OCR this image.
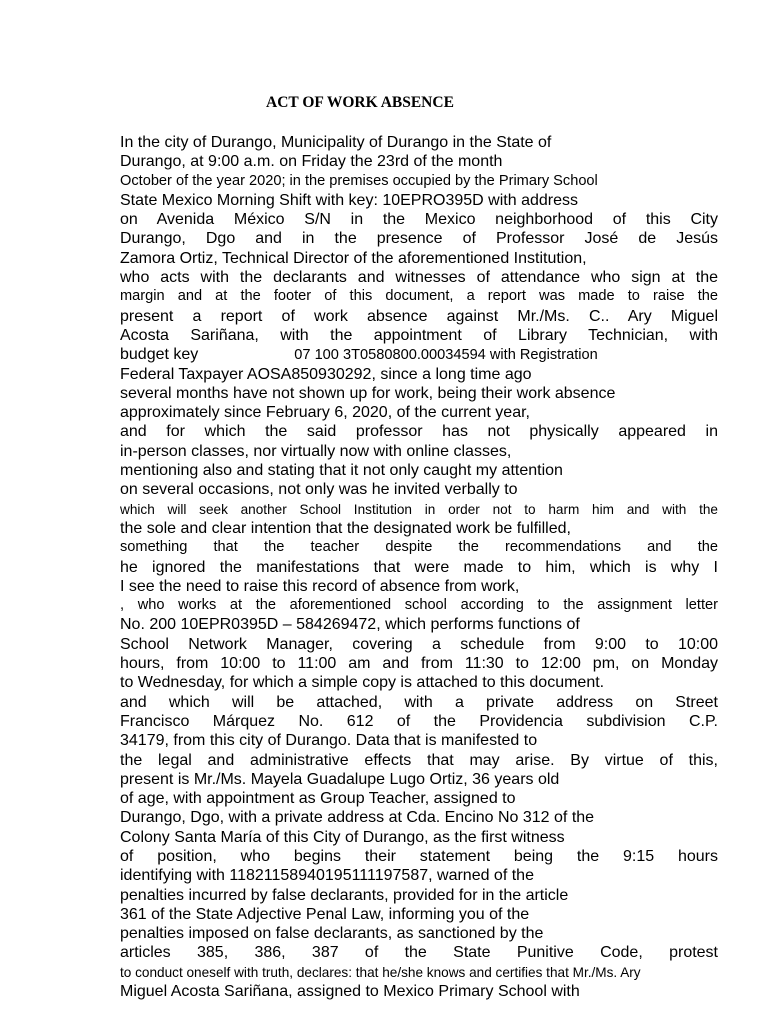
ACT OF WORK ABSENCE
In the city of Durango, Municipality of Durango in the State of
Durango, at 9:00 a.m. on Friday the 23rd of the month
October of the year 2020; in the premises occupied by the Primary School
State Mexico Morning Shift with key: 10EPRO395D with address
on Avenida México S/N in the Mexico neighborhood of this City
Durango, Dgo and in the presence of Professor José de Jesús
Zamora Ortiz, Technical Director of the aforementioned Institution,
who acts with the declarants and witnesses of attendance who sign at the
margin and at the footer of this document, a report was made to raise the
present a report of work absence against Mr./Ms. C.. Ary Miguel
Acosta Sariñana, with the appointment of Library Technician, with
budget key	07 100 3T0580800.00034594 with Registration
Federal Taxpayer AOSA850930292, since a long time ago
several months have not shown up for work, being their work absence
approximately since February 6, 2020, of the current year,
and for which the said professor has not physically appeared in
in-person classes, nor virtually now with online classes,
mentioning also and stating that it not only caught my attention
on several occasions, not only was he invited verbally to
which will seek another School Institution in order not to harm him and with the
the sole and clear intention that the designated work be fulfilled,
something that the teacher despite the recommendations and the
he ignored the manifestations that were made to him, which is why I
I see the need to raise this record of absence from work,
, who works at the aforementioned school according to the assignment letter
No. 200 10EPR0395D – 584269472, which performs functions of
School Network Manager, covering a schedule from 9:00 to 10:00
hours, from 10:00 to 11:00 am and from 11:30 to 12:00 pm, on Monday
to Wednesday, for which a simple copy is attached to this document.
and which will be attached, with a private address on Street
Francisco Márquez No. 612 of the Providencia subdivision C.P.
34179, from this city of Durango. Data that is manifested to
the legal and administrative effects that may arise. By virtue of this,
present is Mr./Ms. Mayela Guadalupe Lugo Ortiz, 36 years old
of age, with appointment as Group Teacher, assigned to
Durango, Dgo, with a private address at Cda. Encino No 312 of the
Colony Santa María of this City of Durango, as the first witness
of position, who begins their statement being the 9:15 hours
identifying with 11821158940195111197587, warned of the
penalties incurred by false declarants, provided for in the article
361 of the State Adjective Penal Law, informing you of the
penalties imposed on false declarants, as sanctioned by the
articles 385, 386, 387 of the State Punitive Code, protest
to conduct oneself with truth, declares: that he/she knows and certifies that Mr./Ms. Ary
Miguel Acosta Sariñana, assigned to Mexico Primary School with
